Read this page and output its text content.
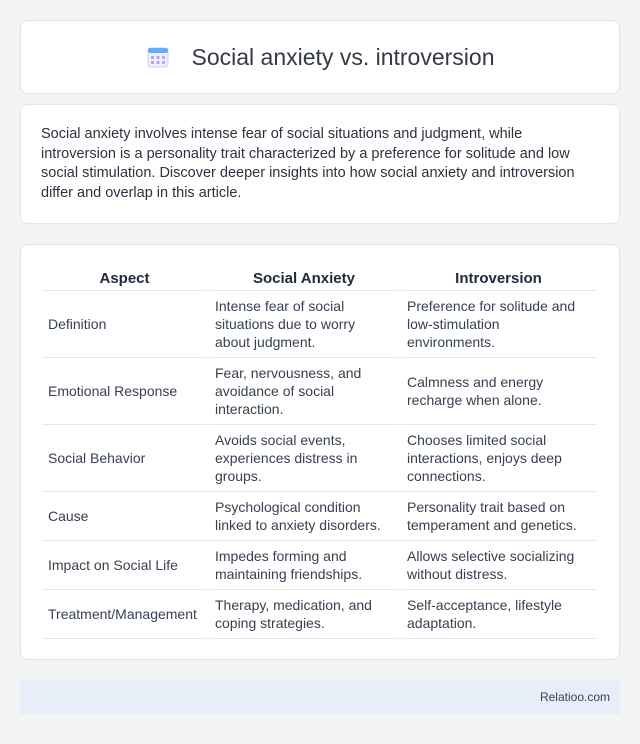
Social anxiety vs. introversion

Social anxiety involves intense fear of social situations and judgment, while introversion is a personality trait characterized by a preference for solitude and low social stimulation. Discover deeper insights into how social anxiety and introversion differ and overlap in this article.

Aspect	Social Anxiety	Introversion
Definition	Intense fear of social situations due to worry about judgment.	Preference for solitude and low-stimulation environments.
Emotional Response	Fear, nervousness, and avoidance of social interaction.	Calmness and energy recharge when alone.
Social Behavior	Avoids social events, experiences distress in groups.	Chooses limited social interactions, enjoys deep connections.
Cause	Psychological condition linked to anxiety disorders.	Personality trait based on temperament and genetics.
Impact on Social Life	Impedes forming and maintaining friendships.	Allows selective socializing without distress.
Treatment/Management	Therapy, medication, and coping strategies.	Self-acceptance, lifestyle adaptation.
Relatioo.com
